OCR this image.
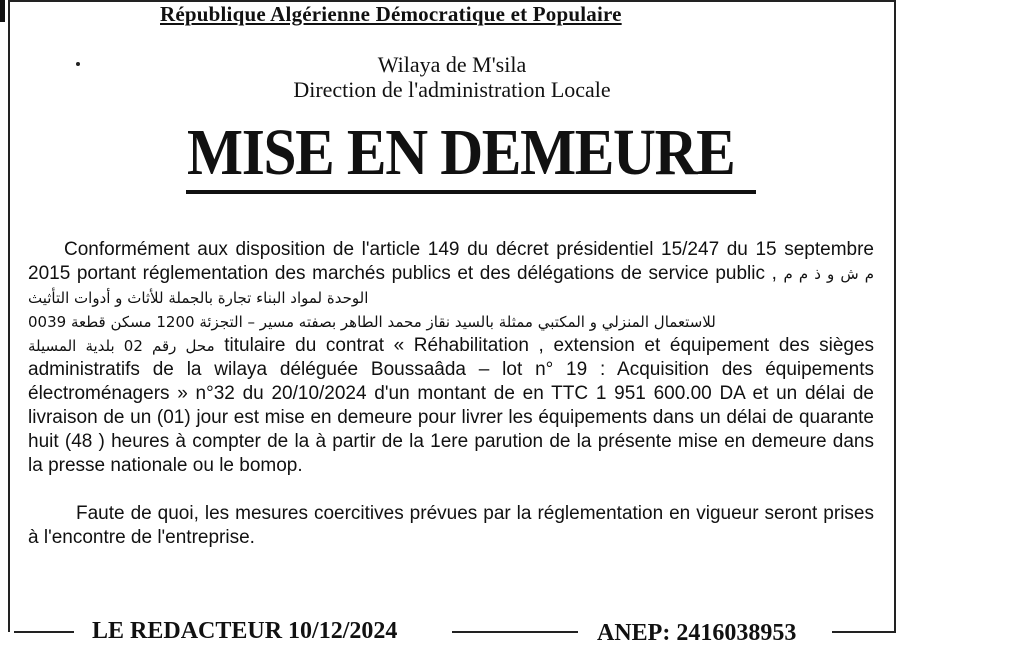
République Algérienne Démocratique et Populaire
Wilaya de M'sila
Direction de l'administration Locale
MISE EN DEMEURE

Conformément aux disposition de l'article 149 du décret présidentiel 15/247 du 15 septembre 2015 portant réglementation des marchés publics et des délégations de service public , م ش و ذ م م الوحدة لمواد البناء تجارة بالجملة للأثاث و أدوات التأثيث
للاستعمال المنزلي و المكتبي ممثلة بالسيد نقاز محمد الطاهر بصفته مسير – التجزئة 1200 مسكن قطعة 0039
محل رقم 02 بلدية المسيلة titulaire du contrat « Réhabilitation , extension et équipement des sièges administratifs de la wilaya déléguée Boussaâda – lot n° 19 : Acquisition des équipements électroménagers » n°32 du 20/10/2024 d'un montant de en TTC 1 951 600.00 DA et un délai de livraison de un (01) jour est mise en demeure pour livrer les équipements dans un délai de quarante huit (48 ) heures à compter de la à partir de la 1ere parution de la présente mise en demeure dans la presse nationale ou le bomop.

Faute de quoi, les mesures coercitives prévues par la réglementation en vigueur seront prises à l'encontre de l'entreprise.

LE REDACTEUR 10/12/2024	ANEP: 2416038953
